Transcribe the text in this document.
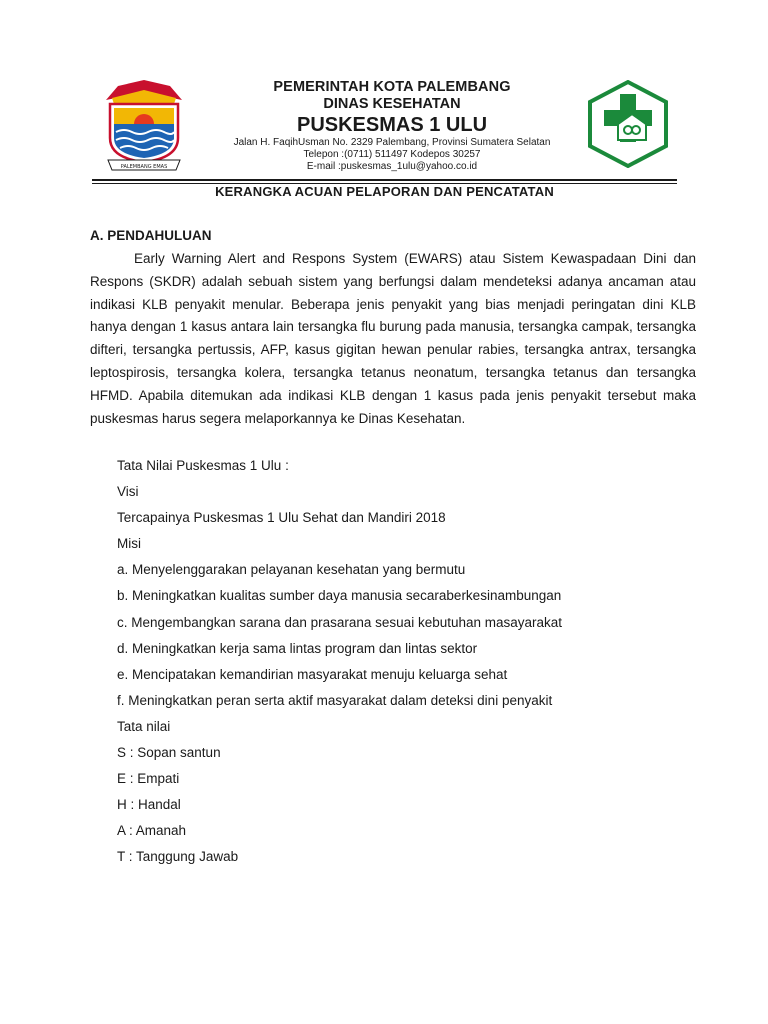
PALEMBANG EMAS
PEMERINTAH KOTA PALEMBANG
DINAS KESEHATAN
PUSKESMAS 1 ULU
Jalan H. FaqihUsman No. 2329 Palembang, Provinsi Sumatera Selatan
Telepon :(0711) 511497 Kodepos 30257
E-mail :puskesmas_1ulu@yahoo.co.id
KERANGKA ACUAN PELAPORAN DAN PENCATATAN
A. PENDAHULUAN
Early Warning Alert and Respons System (EWARS) atau Sistem Kewaspadaan Dini dan Respons (SKDR) adalah sebuah sistem yang berfungsi dalam mendeteksi adanya ancaman atau indikasi KLB penyakit menular. Beberapa jenis penyakit yang bias menjadi peringatan dini KLB hanya dengan 1 kasus antara lain tersangka flu burung pada manusia, tersangka campak, tersangka difteri, tersangka pertussis, AFP, kasus gigitan hewan penular rabies, tersangka antrax, tersangka leptospirosis, tersangka kolera, tersangka tetanus neonatum, tersangka tetanus dan tersangka HFMD. Apabila ditemukan ada indikasi KLB dengan 1 kasus pada jenis penyakit tersebut maka puskesmas harus segera melaporkannya ke Dinas Kesehatan.
Tata Nilai Puskesmas 1 Ulu :
Visi
Tercapainya Puskesmas 1 Ulu Sehat dan Mandiri 2018
Misi
a. Menyelenggarakan pelayanan kesehatan yang bermutu
b. Meningkatkan kualitas sumber daya manusia secaraberkesinambungan
c. Mengembangkan sarana dan prasarana sesuai kebutuhan masayarakat
d. Meningkatkan kerja sama lintas program dan lintas sektor
e. Mencipatakan kemandirian masyarakat menuju keluarga sehat
f. Meningkatkan peran serta aktif masyarakat dalam deteksi dini penyakit
Tata nilai
S : Sopan santun
E : Empati
H : Handal
A : Amanah
T : Tanggung Jawab
